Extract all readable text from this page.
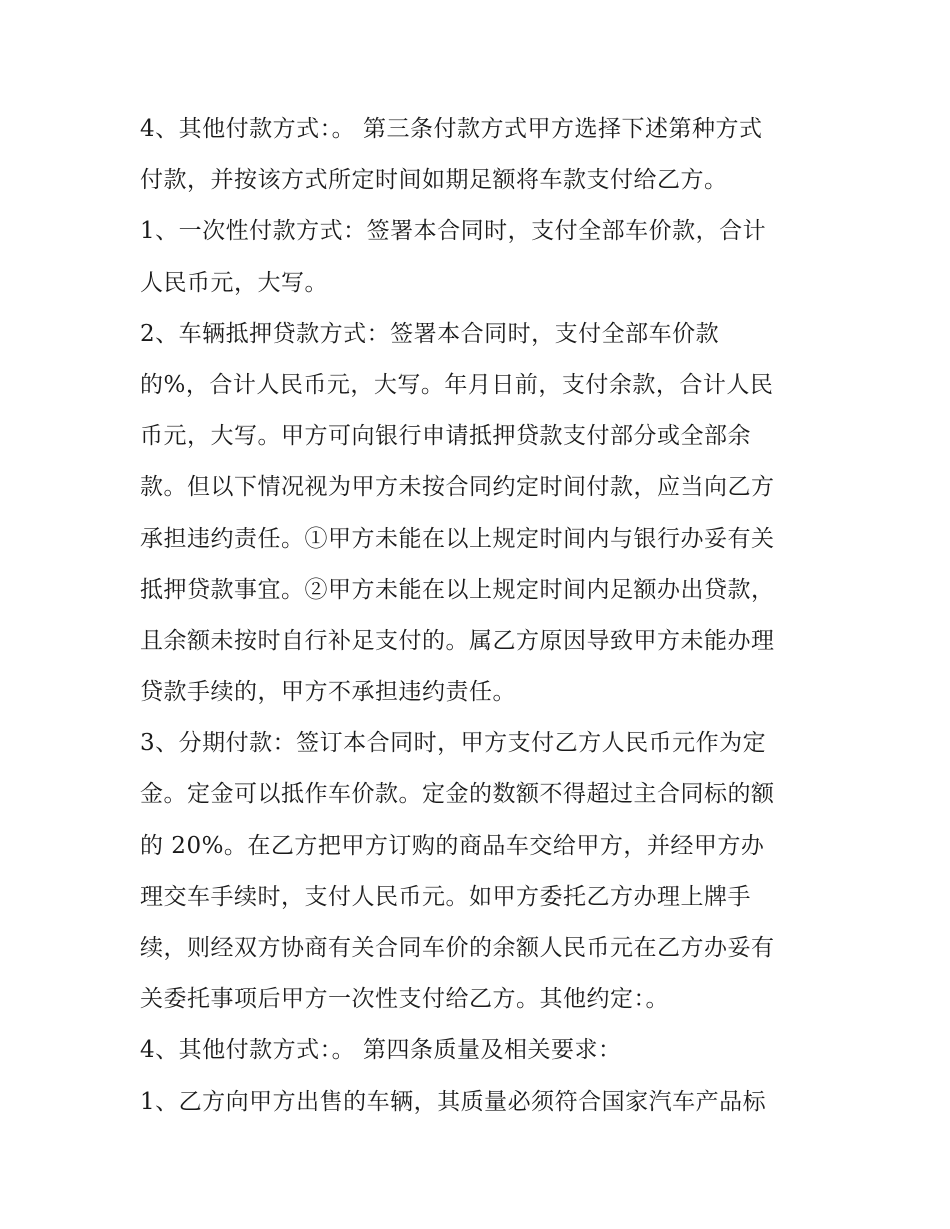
4、其他付款方式：。 第三条付款方式甲方选择下述第种方式
付款，并按该方式所定时间如期足额将车款支付给乙方。
1、一次性付款方式：签署本合同时，支付全部车价款，合计
人民币元，大写。
2、车辆抵押贷款方式：签署本合同时，支付全部车价款
的%，合计人民币元，大写。年月日前，支付余款，合计人民
币元，大写。甲方可向银行申请抵押贷款支付部分或全部余
款。但以下情况视为甲方未按合同约定时间付款，应当向乙方
承担违约责任。①甲方未能在以上规定时间内与银行办妥有关
抵押贷款事宜。②甲方未能在以上规定时间内足额办出贷款，
且余额未按时自行补足支付的。属乙方原因导致甲方未能办理
贷款手续的，甲方不承担违约责任。
3、分期付款：签订本合同时，甲方支付乙方人民币元作为定
金。定金可以抵作车价款。定金的数额不得超过主合同标的额
的 20%。在乙方把甲方订购的商品车交给甲方，并经甲方办
理交车手续时，支付人民币元。如甲方委托乙方办理上牌手
续，则经双方协商有关合同车价的余额人民币元在乙方办妥有
关委托事项后甲方一次性支付给乙方。其他约定：。
4、其他付款方式：。 第四条质量及相关要求：
1、乙方向甲方出售的车辆，其质量必须符合国家汽车产品标
